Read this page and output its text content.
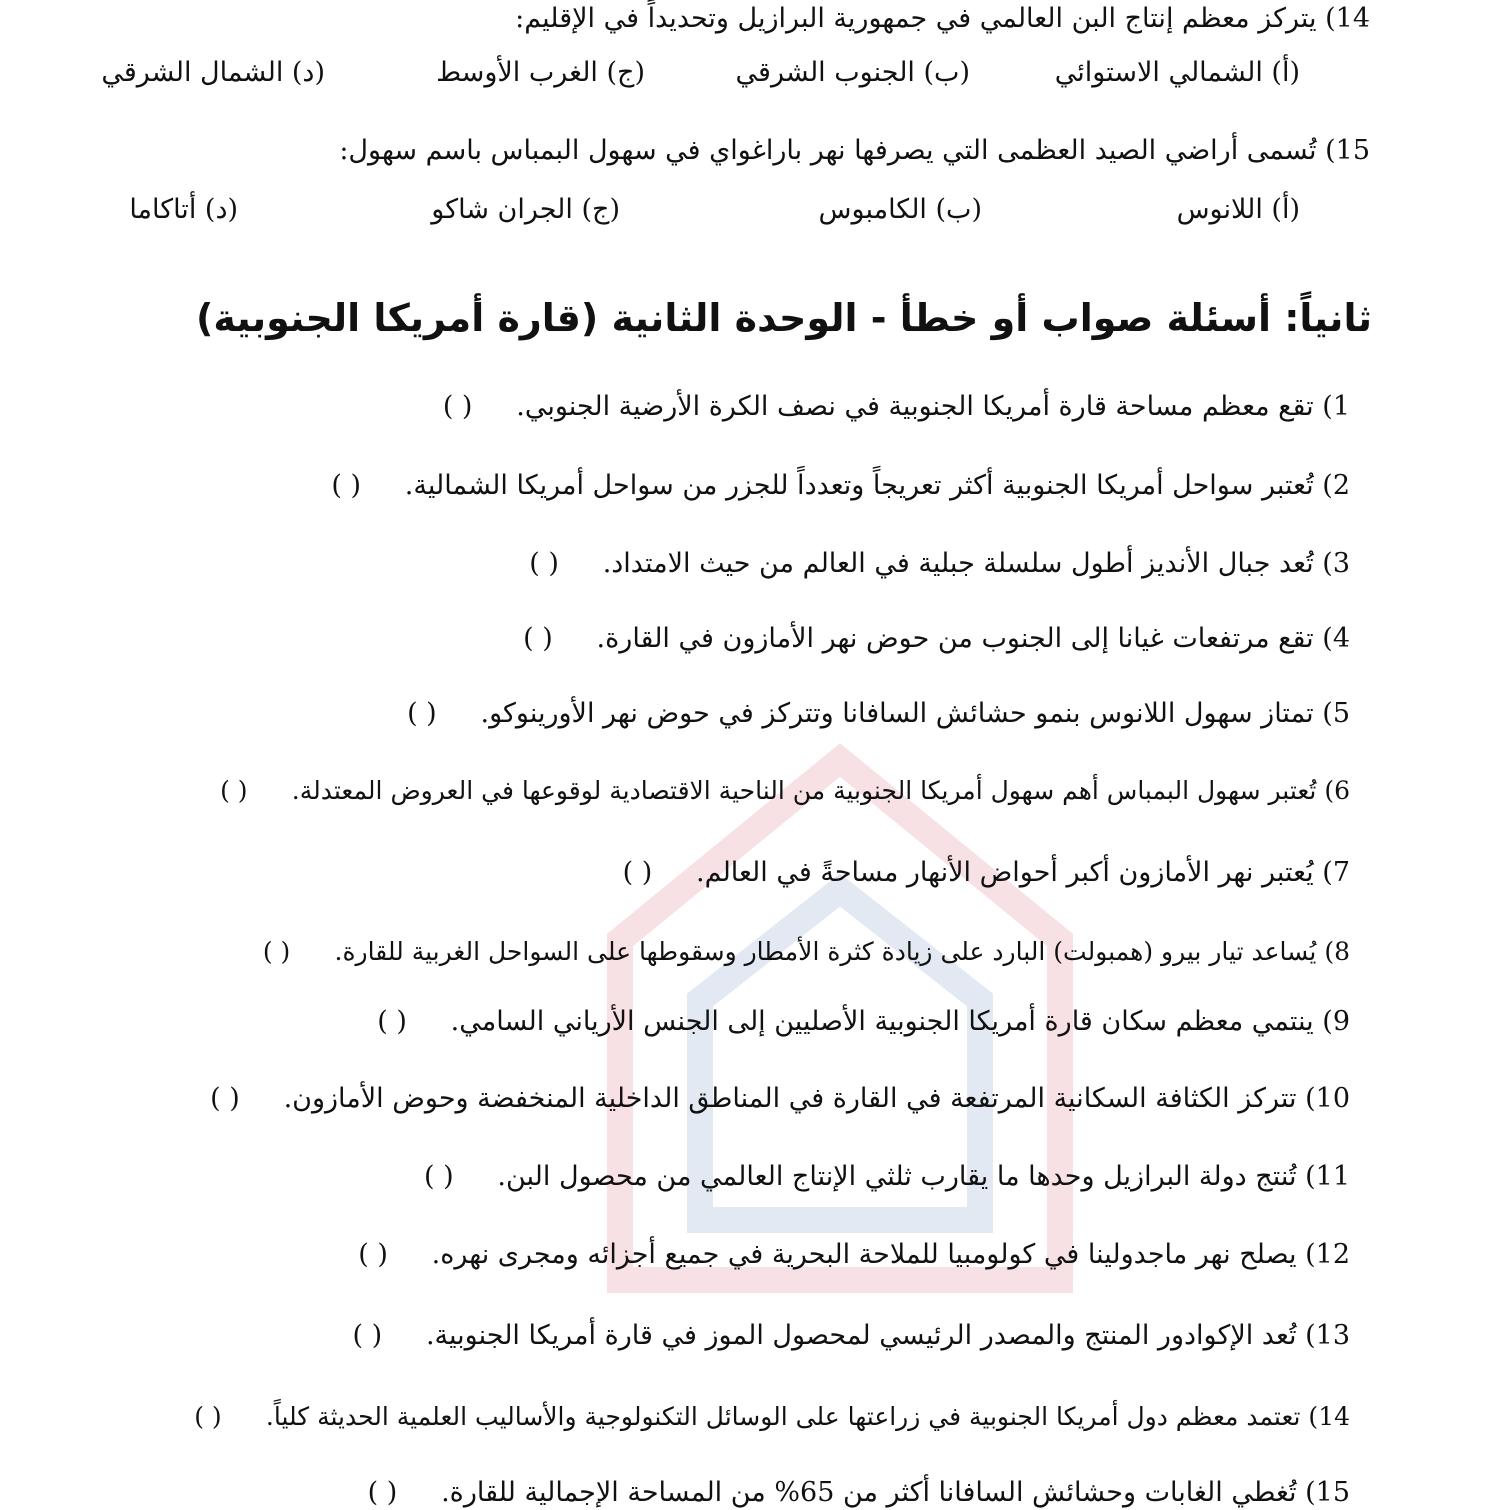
14) يتركز معظم إنتاج البن العالمي في جمهورية البرازيل وتحديداً في الإقليم:
(أ) الشمالي الاستوائي
(ب) الجنوب الشرقي
(ج) الغرب الأوسط
(د) الشمال الشرقي
15) تُسمى أراضي الصيد العظمى التي يصرفها نهر باراغواي في سهول البمباس باسم سهول:
(أ) اللانوس
(ب) الكامبوس
(ج) الجران شاكو
(د) أتاكاما
ثانياً: أسئلة صواب أو خطأ - الوحدة الثانية (قارة أمريكا الجنوبية)
1) تقع معظم مساحة قارة أمريكا الجنوبية في نصف الكرة الأرضية الجنوبي. ( )
2) تُعتبر سواحل أمريكا الجنوبية أكثر تعريجاً وتعدداً للجزر من سواحل أمريكا الشمالية. ( )
3) تُعد جبال الأنديز أطول سلسلة جبلية في العالم من حيث الامتداد. ( )
4) تقع مرتفعات غيانا إلى الجنوب من حوض نهر الأمازون في القارة. ( )
5) تمتاز سهول اللانوس بنمو حشائش السافانا وتتركز في حوض نهر الأورينوكو. ( )
6) تُعتبر سهول البمباس أهم سهول أمريكا الجنوبية من الناحية الاقتصادية لوقوعها في العروض المعتدلة. ( )
7) يُعتبر نهر الأمازون أكبر أحواض الأنهار مساحةً في العالم. ( )
8) يُساعد تيار بيرو (همبولت) البارد على زيادة كثرة الأمطار وسقوطها على السواحل الغربية للقارة. ( )
9) ينتمي معظم سكان قارة أمريكا الجنوبية الأصليين إلى الجنس الأرياني السامي. ( )
10) تتركز الكثافة السكانية المرتفعة في القارة في المناطق الداخلية المنخفضة وحوض الأمازون. ( )
11) تُنتج دولة البرازيل وحدها ما يقارب ثلثي الإنتاج العالمي من محصول البن. ( )
12) يصلح نهر ماجدولينا في كولومبيا للملاحة البحرية في جميع أجزائه ومجرى نهره. ( )
13) تُعد الإكوادور المنتج والمصدر الرئيسي لمحصول الموز في قارة أمريكا الجنوبية. ( )
14) تعتمد معظم دول أمريكا الجنوبية في زراعتها على الوسائل التكنولوجية والأساليب العلمية الحديثة كلياً. ( )
15) تُغطي الغابات وحشائش السافانا أكثر من 65% من المساحة الإجمالية للقارة. ( )
